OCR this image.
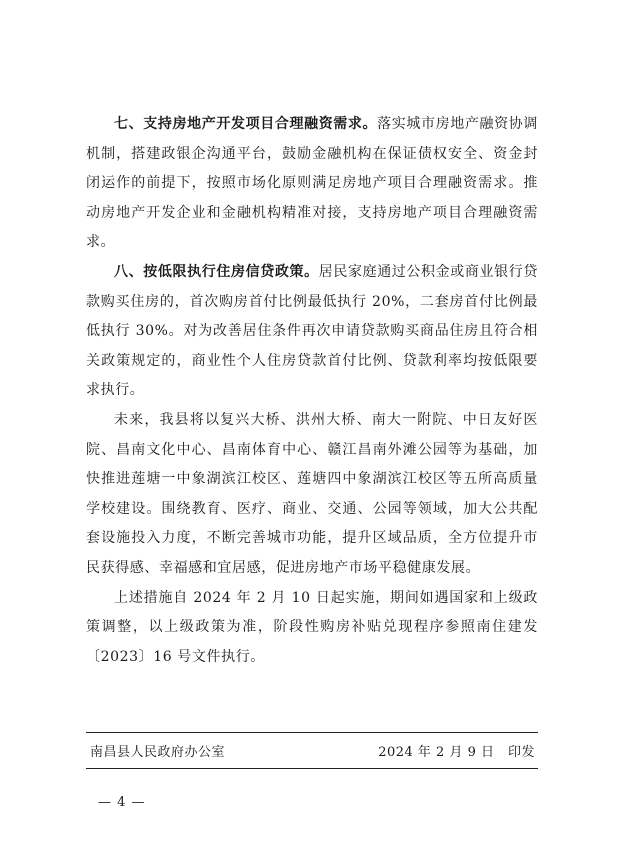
七、支持房地产开发项目合理融资需求。落实城市房地产融资协调机制，搭建政银企沟通平台，鼓励金融机构在保证债权安全、资金封闭运作的前提下，按照市场化原则满足房地产项目合理融资需求。推动房地产开发企业和金融机构精准对接，支持房地产项目合理融资需求。

八、按低限执行住房信贷政策。居民家庭通过公积金或商业银行贷款购买住房的，首次购房首付比例最低执行 20%，二套房首付比例最低执行 30%。对为改善居住条件再次申请贷款购买商品住房且符合相关政策规定的，商业性个人住房贷款首付比例、贷款利率均按低限要求执行。

未来，我县将以复兴大桥、洪州大桥、南大一附院、中日友好医院、昌南文化中心、昌南体育中心、赣江昌南外滩公园等为基础，加快推进莲塘一中象湖滨江校区、莲塘四中象湖滨江校区等五所高质量学校建设。围绕教育、医疗、商业、交通、公园等领域，加大公共配套设施投入力度，不断完善城市功能，提升区域品质，全方位提升市民获得感、幸福感和宜居感，促进房地产市场平稳健康发展。

上述措施自 2024 年 2 月 10 日起实施，期间如遇国家和上级政策调整，以上级政策为准，阶段性购房补贴兑现程序参照南住建发〔2023〕16 号文件执行。

南昌县人民政府办公室	2024 年 2 月 9 日　印发
— 4 —
